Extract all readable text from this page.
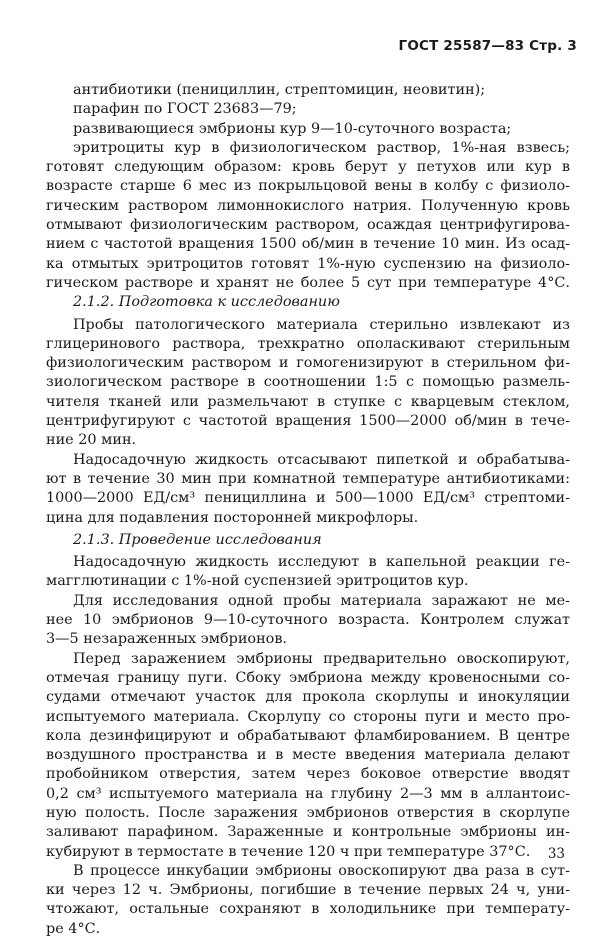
ГОСТ 25587—83 Стр. 3
антибиотики (пенициллин, стрептомицин, неовитин);
парафин по ГОСТ 23683—79;
развивающиеся эмбрионы кур 9—10-суточного возраста;
эритроциты кур в физиологическом раствор, 1%-ная взвесь;
готовят следующим образом: кровь берут у петухов или кур в
возрасте старше 6 мес из покрыльцовой вены в колбу с физиоло-
гическим раствором лимоннокислого натрия. Полученную кровь
отмывают физиологическим раствором, осаждая центрифугирова-
нием с частотой вращения 1500 об/мин в течение 10 мин. Из осад-
ка отмытых эритроцитов готовят 1%-ную суспензию на физиоло-
гическом растворе и хранят не более 5 сут при температуре 4°С.
2.1.2. Подготовка к исследованию
Пробы патологического материала стерильно извлекают из
глицеринового раствора, трехкратно ополаскивают стерильным
физиологическим раствором и гомогенизируют в стерильном фи-
зиологическом растворе в соотношении 1:5 с помощью размель-
чителя тканей или размельчают в ступке с кварцевым стеклом,
центрифугируют с частотой вращения 1500—2000 об/мин в тече-
ние 20 мин.
Надосадочную жидкость отсасывают пипеткой и обрабатыва-
ют в течение 30 мин при комнатной температуре антибиотиками:
1000—2000 ЕД/см³ пенициллина и 500—1000 ЕД/см³ стрептоми-
цина для подавления посторонней микрофлоры.
2.1.3. Проведение исследования
Надосадочную жидкость исследуют в капельной реакции ге-
магглютинации с 1%-ной суспензией эритроцитов кур.
Для исследования одной пробы материала заражают не ме-
нее 10 эмбрионов 9—10-суточного возраста. Контролем служат
3—5 незараженных эмбрионов.
Перед заражением эмбрионы предварительно овоскопируют,
отмечая границу пуги. Сбоку эмбриона между кровеносными со-
судами отмечают участок для прокола скорлупы и инокуляции
испытуемого материала. Скорлупу со стороны пуги и место про-
кола дезинфицируют и обрабатывают фламбированием. В центре
воздушного пространства и в месте введения материала делают
пробойником отверстия, затем через боковое отверстие вводят
0,2 см³ испытуемого материала на глубину 2—3 мм в аллантоис-
ную полость. После заражения эмбрионов отверстия в скорлупе
заливают парафином. Зараженные и контрольные эмбрионы ин-
кубируют в термостате в течение 120 ч при температуре 37°С.
В процессе инкубации эмбрионы овоскопируют два раза в сут-
ки через 12 ч. Эмбрионы, погибшие в течение первых 24 ч, уни-
чтожают, остальные сохраняют в холодильнике при температу-
ре 4°С.
33
